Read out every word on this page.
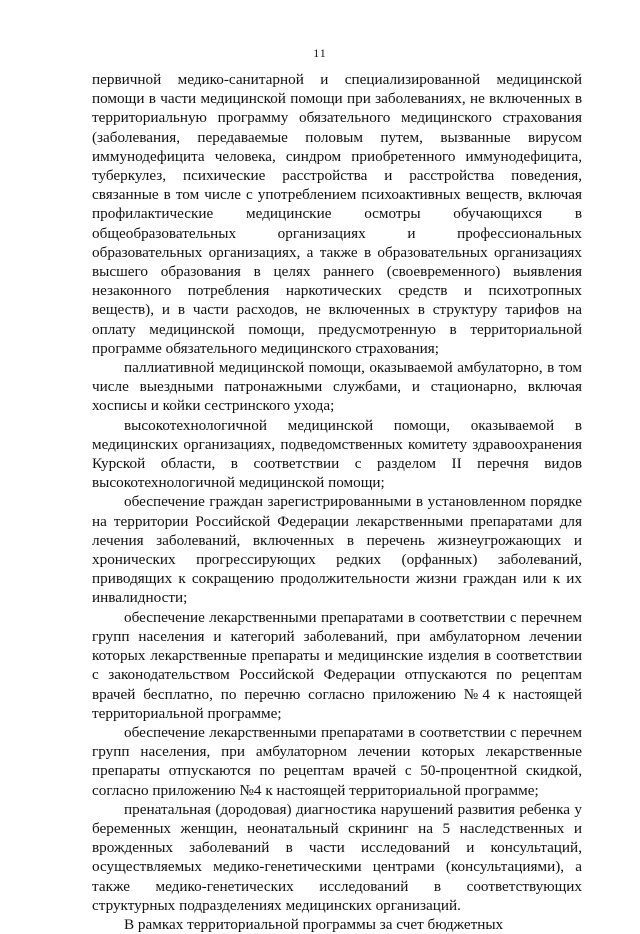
11

первичной медико-санитарной и специализированной медицинской помощи в части медицинской помощи при заболеваниях, не включенных в территориальную программу обязательного медицинского страхования (заболевания, передаваемые половым путем, вызванные вирусом иммунодефицита человека, синдром приобретенного иммунодефицита, туберкулез, психические расстройства и расстройства поведения, связанные в том числе с употреблением психоактивных веществ, включая профилактические медицинские осмотры обучающихся в общеобразовательных организациях и профессиональных образовательных организациях, а также в образовательных организациях высшего образования в целях раннего (своевременного) выявления незаконного потребления наркотических средств и психотропных веществ), и в части расходов, не включенных в структуру тарифов на оплату медицинской помощи, предусмотренную в территориальной программе обязательного медицинского страхования;

паллиативной медицинской помощи, оказываемой амбулаторно, в том числе выездными патронажными службами, и стационарно, включая хосписы и койки сестринского ухода;

высокотехнологичной медицинской помощи, оказываемой в медицинских организациях, подведомственных комитету здравоохранения Курской области, в соответствии с разделом II перечня видов высокотехнологичной медицинской помощи;

обеспечение граждан зарегистрированными в установленном порядке на территории Российской Федерации лекарственными препаратами для лечения заболеваний, включенных в перечень жизнеугрожающих и хронических прогрессирующих редких (орфанных) заболеваний, приводящих к сокращению продолжительности жизни граждан или к их инвалидности;

обеспечение лекарственными препаратами в соответствии с перечнем групп населения и категорий заболеваний, при амбулаторном лечении которых лекарственные препараты и медицинские изделия в соответствии с законодательством Российской Федерации отпускаются по рецептам врачей бесплатно, по перечню согласно приложению №4 к настоящей территориальной программе;

обеспечение лекарственными препаратами в соответствии с перечнем групп населения, при амбулаторном лечении которых лекарственные препараты отпускаются по рецептам врачей с 50-процентной скидкой, согласно приложению №4 к настоящей территориальной программе;

пренатальная (дородовая) диагностика нарушений развития ребенка у беременных женщин, неонатальный скрининг на 5 наследственных и врожденных заболеваний в части исследований и консультаций, осуществляемых медико-генетическими центрами (консультациями), а также медико-генетических исследований в соответствующих структурных подразделениях медицинских организаций.

В рамках территориальной программы за счет бюджетных
